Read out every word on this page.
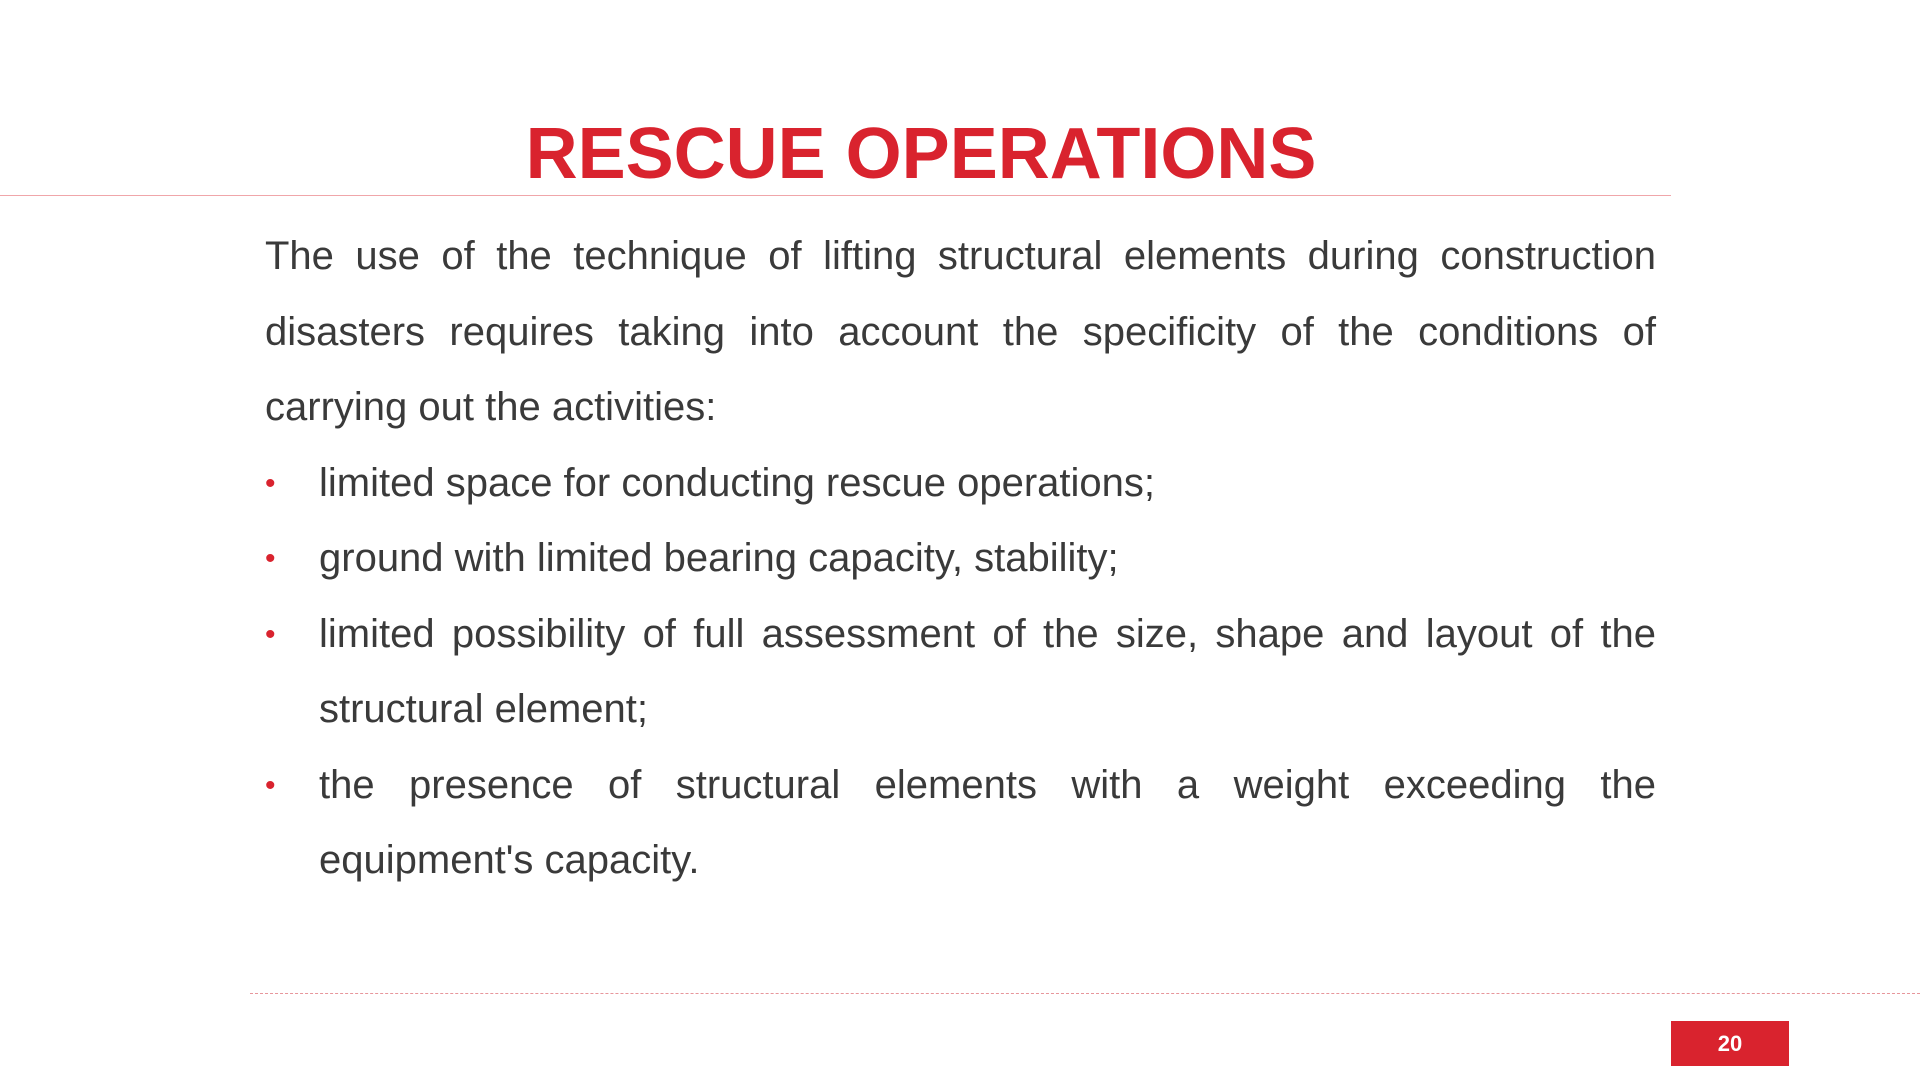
RESCUE OPERATIONS

The use of the technique of lifting structural elements during construction disasters requires taking into account the specificity of the conditions of carrying out the activities:

• limited space for conducting rescue operations;
• ground with limited bearing capacity, stability;
• limited possibility of full assessment of the size, shape and layout of the structural element;
• the presence of structural elements with a weight exceeding the equipment's capacity.
20
